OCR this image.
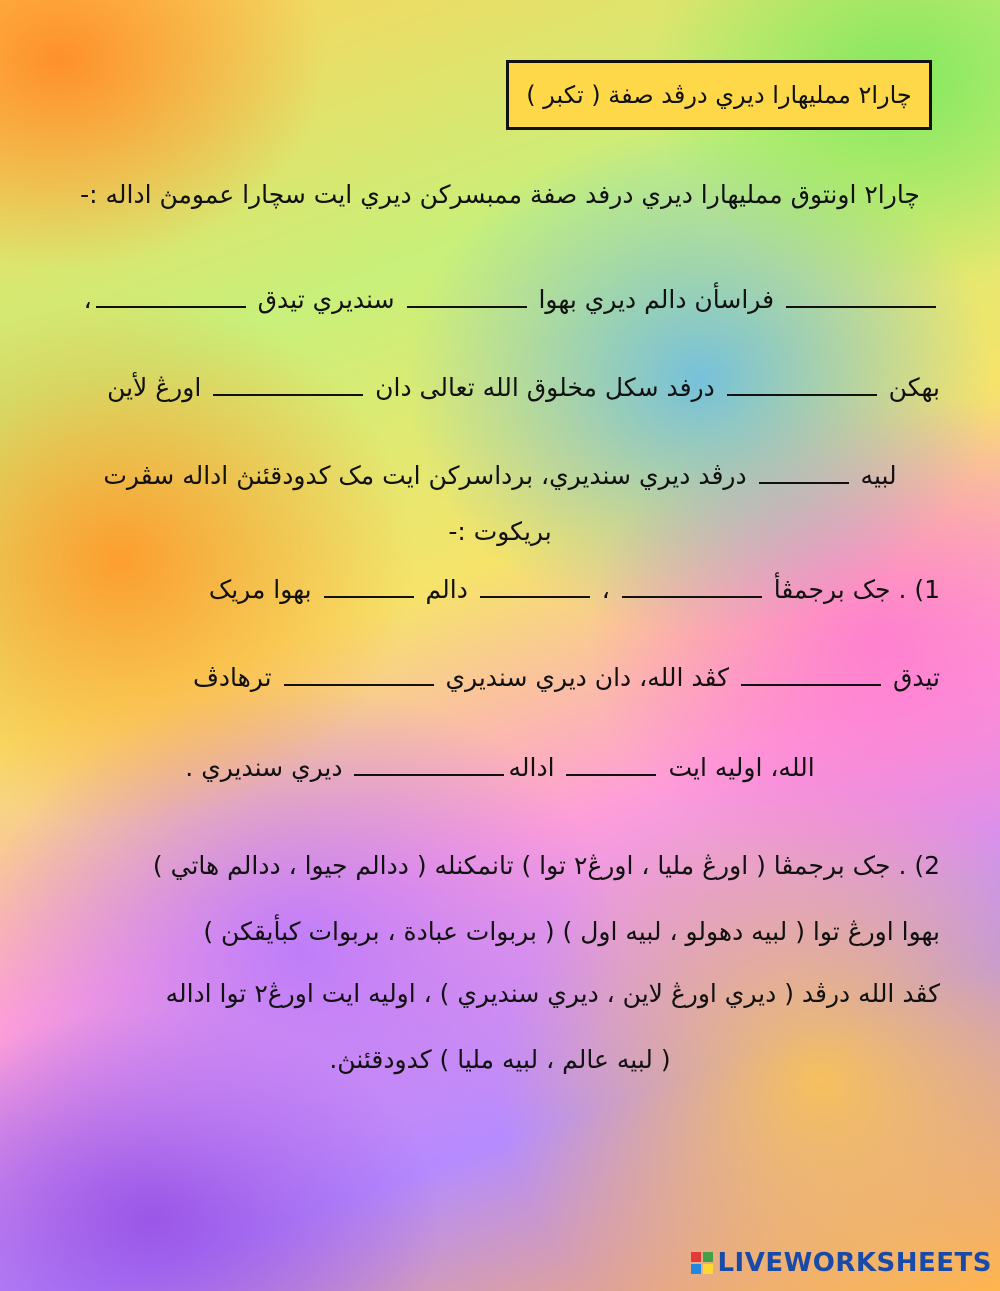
چارا٢ مملیهارا دیري درڤد صفة ( تکبر )
چارا٢ اونتوق مملیهارا دیري درفد صفة ممبسرکن دیري ایت سچارا عمومڽ اداله :-
فراسأن دالم دیري بهوا  سندیري تیدق ،
بهکن  درفد سکل مخلوق الله تعالى دان  اورڠ لأين
لبیه  درڤد دیري سندیري، برداسرکن ایت مک کدودقئنڽ اداله سڤرت
بریکوت :-
1) . جک برجمڤأ  ،  دالم  بهوا مریک
تیدق  کڤد الله، دان دیري سندیري  ترهادڤ
الله، اولیه ایت  اداله دیري سندیري .
2) . جک برجمڤا ( اورڠ ملیا ، اورڠ٢ توا ) تانمکنله ( ددالم جیوا ، ددالم هاتي )
بهوا اورڠ توا ( لبیه دهولو ، لبیه اول ) ( بربوات عبادة ، بربوات کبأیقکن )
کڤد الله درڤد ( دیري اورڠ لاین ، دیري سندیري ) ، اولیه ایت اورڠ٢ توا اداله
( لبیه عالم ، لبیه ملیا ) کدودقئنڽ.
LIVEWORKSHEETS
